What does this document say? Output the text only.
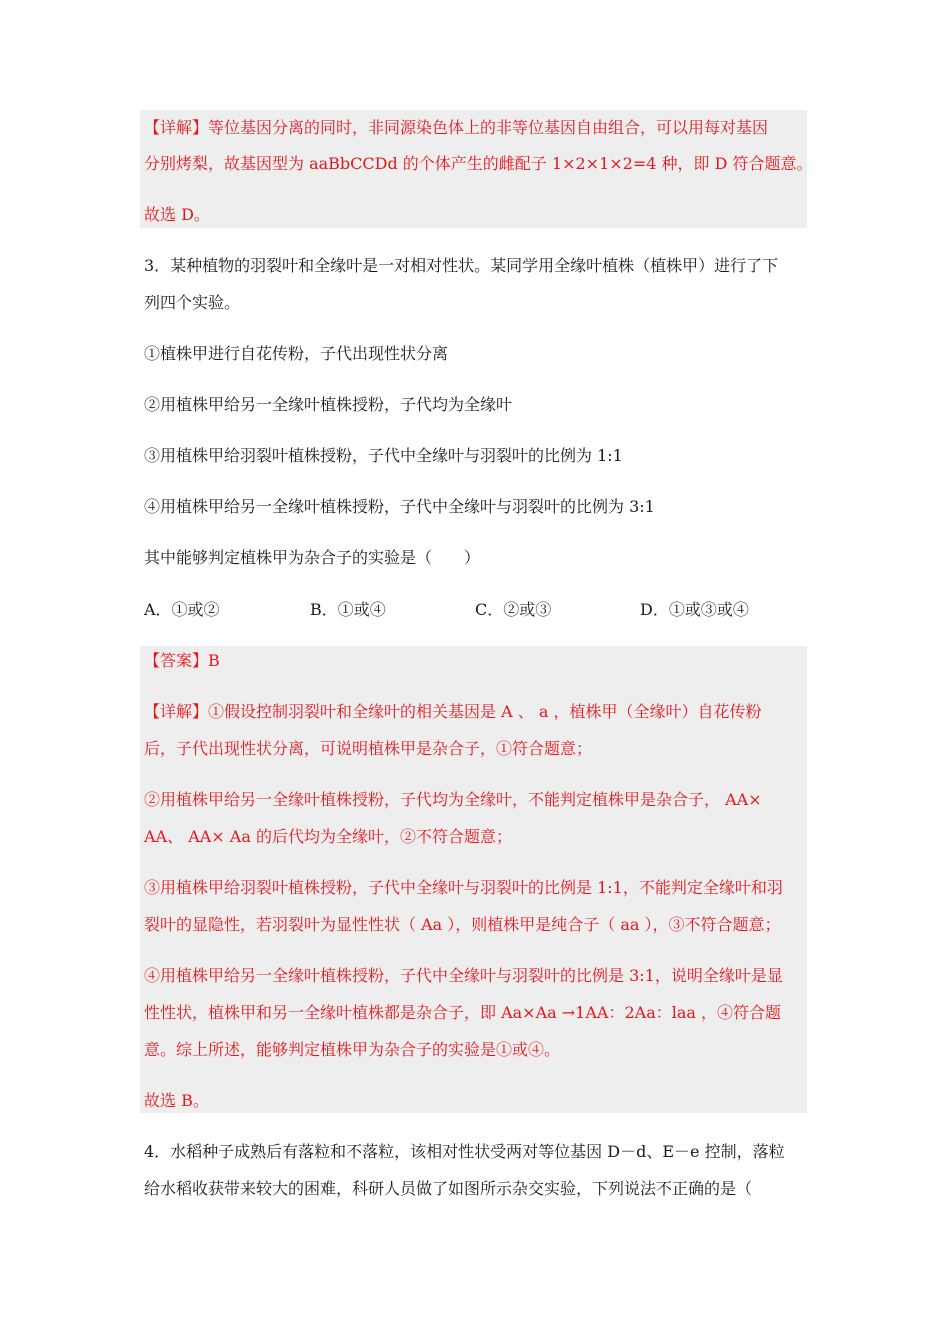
【详解】等位基因分离的同时，非同源染色体上的非等位基因自由组合，可以用每对基因
分别烤梨，故基因型为 aaBbCCDd 的个体产生的雌配子 1×2×1×2=4 种，即 D 符合题意。
故选 D。
3．某种植物的羽裂叶和全缘叶是一对相对性状。某同学用全缘叶植株（植株甲）进行了下
列四个实验。
①植株甲进行自花传粉，子代出现性状分离
②用植株甲给另一全缘叶植株授粉，子代均为全缘叶
③用植株甲给羽裂叶植株授粉，子代中全缘叶与羽裂叶的比例为 1:1
④用植株甲给另一全缘叶植株授粉，子代中全缘叶与羽裂叶的比例为 3:1
其中能够判定植株甲为杂合子的实验是（　　）
A．①或②	B．①或④	C．②或③	D．①或③或④
【答案】B
【详解】①假设控制羽裂叶和全缘叶的相关基因是 A 、 a ，植株甲（全缘叶）自花传粉
后，子代出现性状分离，可说明植株甲是杂合子，①符合题意；
②用植株甲给另一全缘叶植株授粉，子代均为全缘叶，不能判定植株甲是杂合子， AA×
AA、 AA× Aa 的后代均为全缘叶，②不符合题意；
③用植株甲给羽裂叶植株授粉，子代中全缘叶与羽裂叶的比例是 1:1，不能判定全缘叶和羽
裂叶的显隐性，若羽裂叶为显性性状（ Aa ），则植株甲是纯合子（ aa ），③不符合题意；
④用植株甲给另一全缘叶植株授粉，子代中全缘叶与羽裂叶的比例是 3:1，说明全缘叶是显
性性状，植株甲和另一全缘叶植株都是杂合子，即 Aa×Aa →1AA：2Aa：laa ，④符合题
意。综上所述，能够判定植株甲为杂合子的实验是①或④。
故选 B。
4．水稻种子成熟后有落粒和不落粒，该相对性状受两对等位基因 D－d、E－e 控制，落粒
给水稻收获带来较大的困难，科研人员做了如图所示杂交实验，下列说法不正确的是（
